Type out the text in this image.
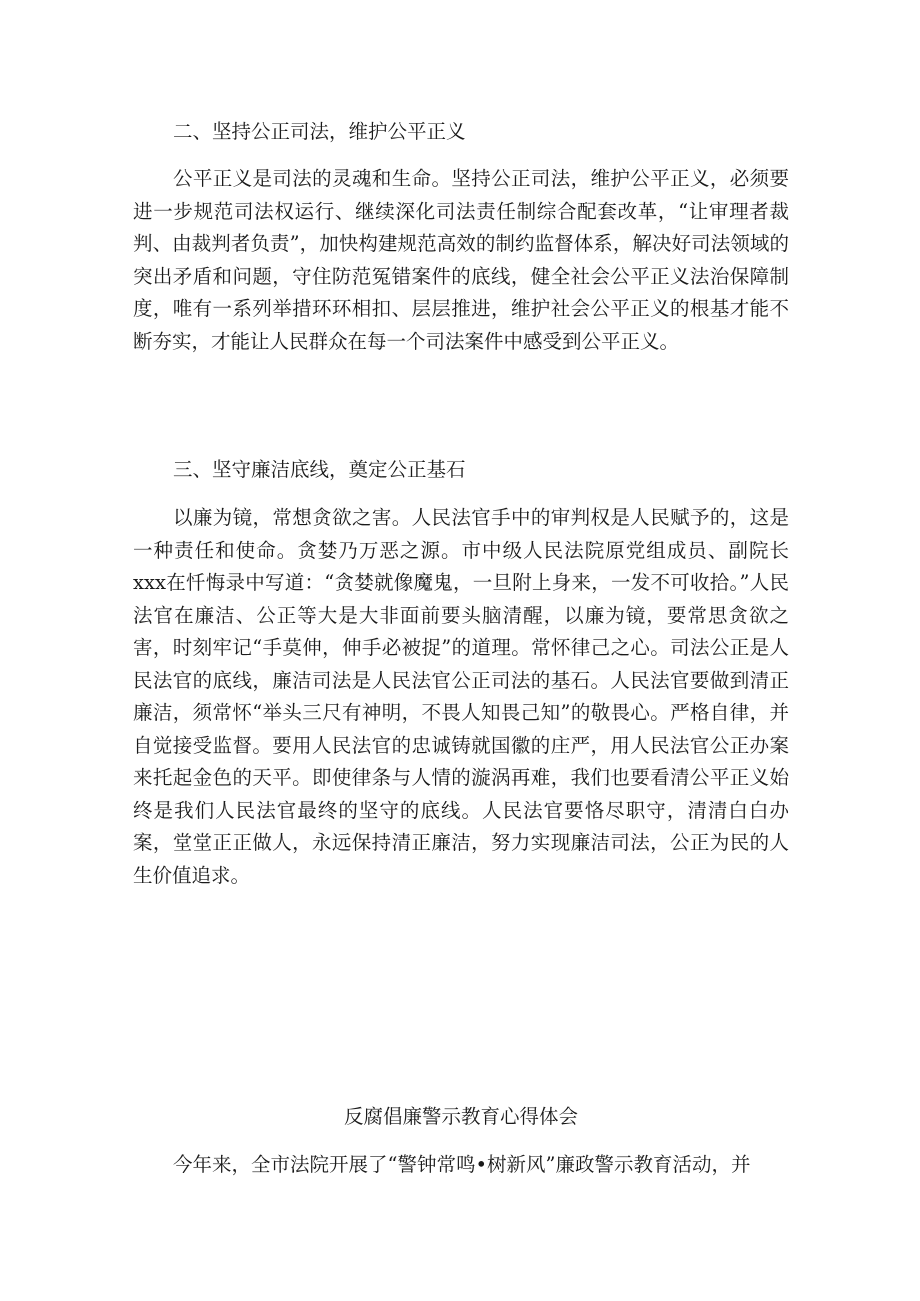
二、坚持公正司法，维护公平正义

公平正义是司法的灵魂和生命。坚持公正司法，维护公平正义，必须要进一步规范司法权运行、继续深化司法责任制综合配套改革，“让审理者裁判、由裁判者负责”，加快构建规范高效的制约监督体系，解决好司法领域的突出矛盾和问题，守住防范冤错案件的底线，健全社会公平正义法治保障制度，唯有一系列举措环环相扣、层层推进，维护社会公平正义的根基才能不断夯实，才能让人民群众在每一个司法案件中感受到公平正义。

三、坚守廉洁底线，奠定公正基石

以廉为镜，常想贪欲之害。人民法官手中的审判权是人民赋予的，这是一种责任和使命。贪婪乃万恶之源。市中级人民法院原党组成员、副院长xxx在忏悔录中写道：“贪婪就像魔鬼，一旦附上身来，一发不可收拾。”人民法官在廉洁、公正等大是大非面前要头脑清醒，以廉为镜，要常思贪欲之害，时刻牢记“手莫伸，伸手必被捉”的道理。常怀律己之心。司法公正是人民法官的底线，廉洁司法是人民法官公正司法的基石。人民法官要做到清正廉洁，须常怀“举头三尺有神明，不畏人知畏己知”的敬畏心。严格自律，并自觉接受监督。要用人民法官的忠诚铸就国徽的庄严，用人民法官公正办案来托起金色的天平。即使律条与人情的漩涡再难，我们也要看清公平正义始终是我们人民法官最终的坚守的底线。人民法官要恪尽职守，清清白白办案，堂堂正正做人，永远保持清正廉洁，努力实现廉洁司法，公正为民的人生价值追求。

反腐倡廉警示教育心得体会

今年来，全市法院开展了“警钟常鸣•树新风”廉政警示教育活动，并
